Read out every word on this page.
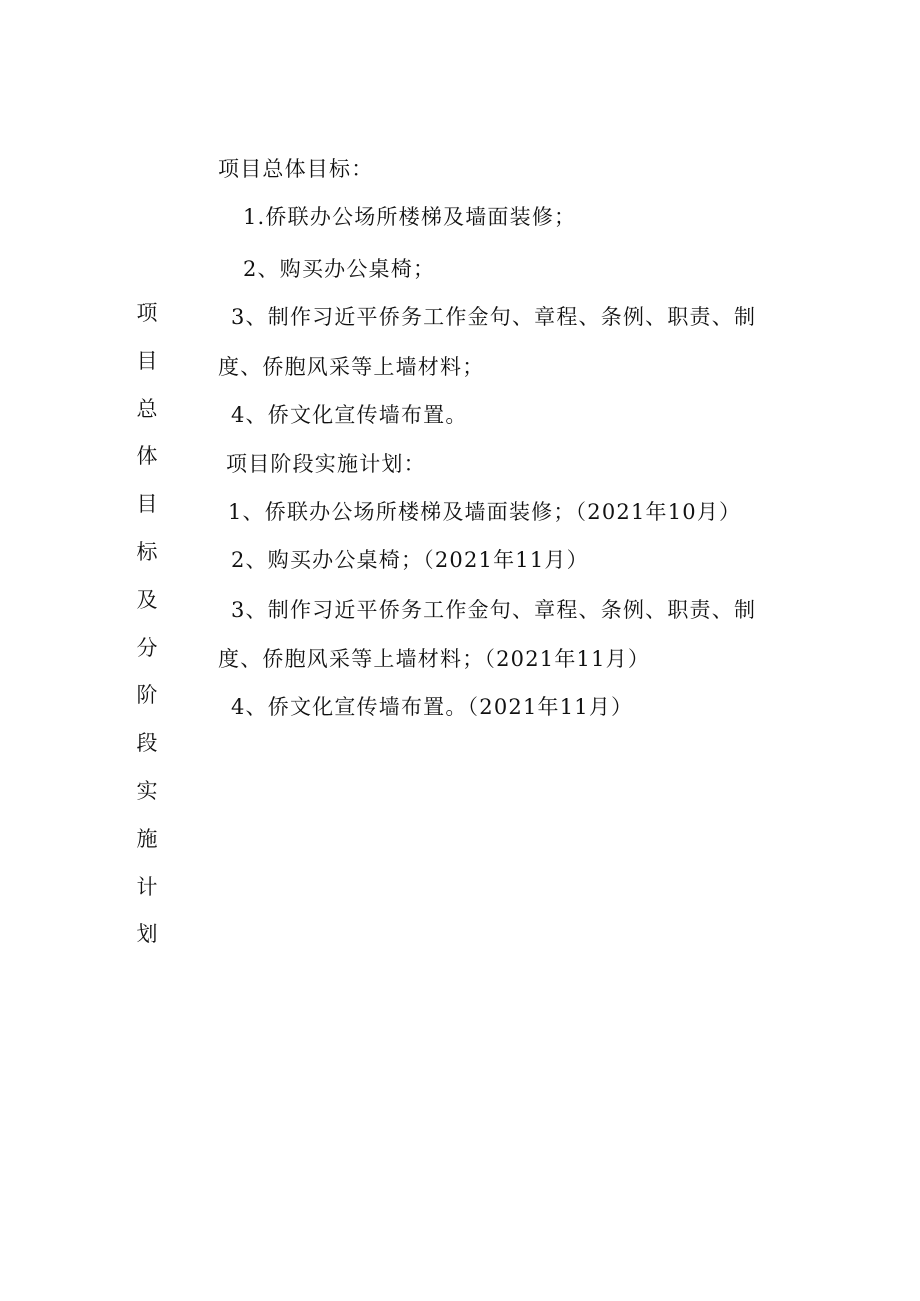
项
目
总
体
目
标
及
分
阶
段
实
施
计
划
项目总体目标：
1.侨联办公场所楼梯及墙面装修；
2、购买办公桌椅；
3、制作习近平侨务工作金句、章程、条例、职责、制
度、侨胞风采等上墙材料；
4、侨文化宣传墙布置。
项目阶段实施计划：
1、侨联办公场所楼梯及墙面装修；（2021年10月）
2、购买办公桌椅；（2021年11月）
3、制作习近平侨务工作金句、章程、条例、职责、制
度、侨胞风采等上墙材料；（2021年11月）
4、侨文化宣传墙布置。（2021年11月）
